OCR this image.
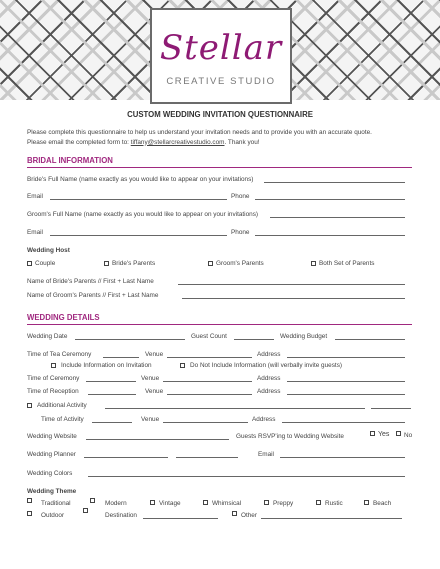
Stellar
CREATIVE STUDIO
CUSTOM WEDDING INVITATION QUESTIONNAIRE
Please complete this questionnaire to help us understand your invitation needs and to provide you with an accurate quote.
Please email the completed form to: tiffany@stellarcreativestudio.com. Thank you!
BRIDAL INFORMATION
Bride's Full Name (name exactly as you would like to appear on your invitations)
Email	Phone
Groom's Full Name (name exactly as you would like to appear on your invitations)
Email	Phone
Wedding Host
Couple	Bride's Parents	Groom's Parents	Both Set of Parents
Name of Bride's Parents // First + Last Name
Name of Groom's Parents // First + Last Name
WEDDING DETAILS
Wedding Date	Guest Count	Wedding Budget
Time of Tea Ceremony	Venue	Address
Include Information on Invitation	Do Not Include Information (will verbally invite guests)
Time of Ceremony	Venue	Address
Time of Reception	Venue	Address
Additional Activity
Time of Activity	Venue	Address
Wedding Website	Guests RSVP'ing to Wedding Website	Yes No
Wedding Planner	Email
Wedding Colors
Wedding Theme
Traditional	Modern	Vintage	Whimsical	Preppy	Rustic	Beach
Outdoor	Destination	Other
